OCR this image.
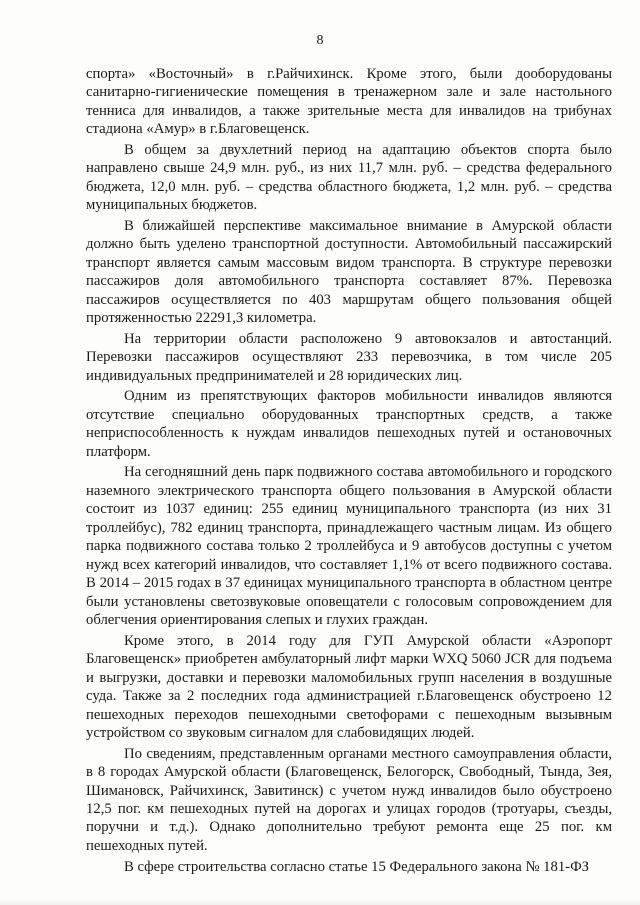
8

спорта» «Восточный» в г.Райчихинск. Кроме этого, были дооборудованы санитарно-гигиенические помещения в тренажерном зале и зале настольного тенниса для инвалидов, а также зрительные места для инвалидов на трибунах стадиона «Амур» в г.Благовещенск.

В общем за двухлетний период на адаптацию объектов спорта было направлено свыше 24,9 млн. руб., из них 11,7 млн. руб. – средства федерального бюджета, 12,0 млн. руб. – средства областного бюджета, 1,2 млн. руб. – средства муниципальных бюджетов.

В ближайшей перспективе максимальное внимание в Амурской области должно быть уделено транспортной доступности. Автомобильный пассажирский транспорт является самым массовым видом транспорта. В структуре перевозки пассажиров доля автомобильного транспорта составляет 87%. Перевозка пассажиров осуществляется по 403 маршрутам общего пользования общей протяженностью 22291,3 километра.

На территории области расположено 9 автовокзалов и автостанций. Перевозки пассажиров осуществляют 233 перевозчика, в том числе 205 индивидуальных предпринимателей и 28 юридических лиц.

Одним из препятствующих факторов мобильности инвалидов являются отсутствие специально оборудованных транспортных средств, а также неприспособленность к нуждам инвалидов пешеходных путей и остановочных платформ.

На сегодняшний день парк подвижного состава автомобильного и городского наземного электрического транспорта общего пользования в Амурской области состоит из 1037 единиц: 255 единиц муниципального транспорта (из них 31 троллейбус), 782 единиц транспорта, принадлежащего частным лицам. Из общего парка подвижного состава только 2 троллейбуса и 9 автобусов доступны с учетом нужд всех категорий инвалидов, что составляет 1,1% от всего подвижного состава. В 2014 – 2015 годах в 37 единицах муниципального транспорта в областном центре были установлены светозвуковые оповещатели с голосовым сопровождением для облегчения ориентирования слепых и глухих граждан.

Кроме этого, в 2014 году для ГУП Амурской области «Аэропорт Благовещенск» приобретен амбулаторный лифт марки WXQ 5060 JCR для подъема и выгрузки, доставки и перевозки маломобильных групп населения в воздушные суда. Также за 2 последних года администрацией г.Благовещенск обустроено 12 пешеходных переходов пешеходными светофорами с пешеходным вызывным устройством со звуковым сигналом для слабовидящих людей.

По сведениям, представленным органами местного самоуправления области, в 8 городах Амурской области (Благовещенск, Белогорск, Свободный, Тында, Зея, Шимановск, Райчихинск, Завитинск) с учетом нужд инвалидов было обустроено 12,5 пог. км пешеходных путей на дорогах и улицах городов (тротуары, съезды, поручни и т.д.). Однако дополнительно требуют ремонта еще 25 пог. км пешеходных путей.

В сфере строительства согласно статье 15 Федерального закона № 181-ФЗ
